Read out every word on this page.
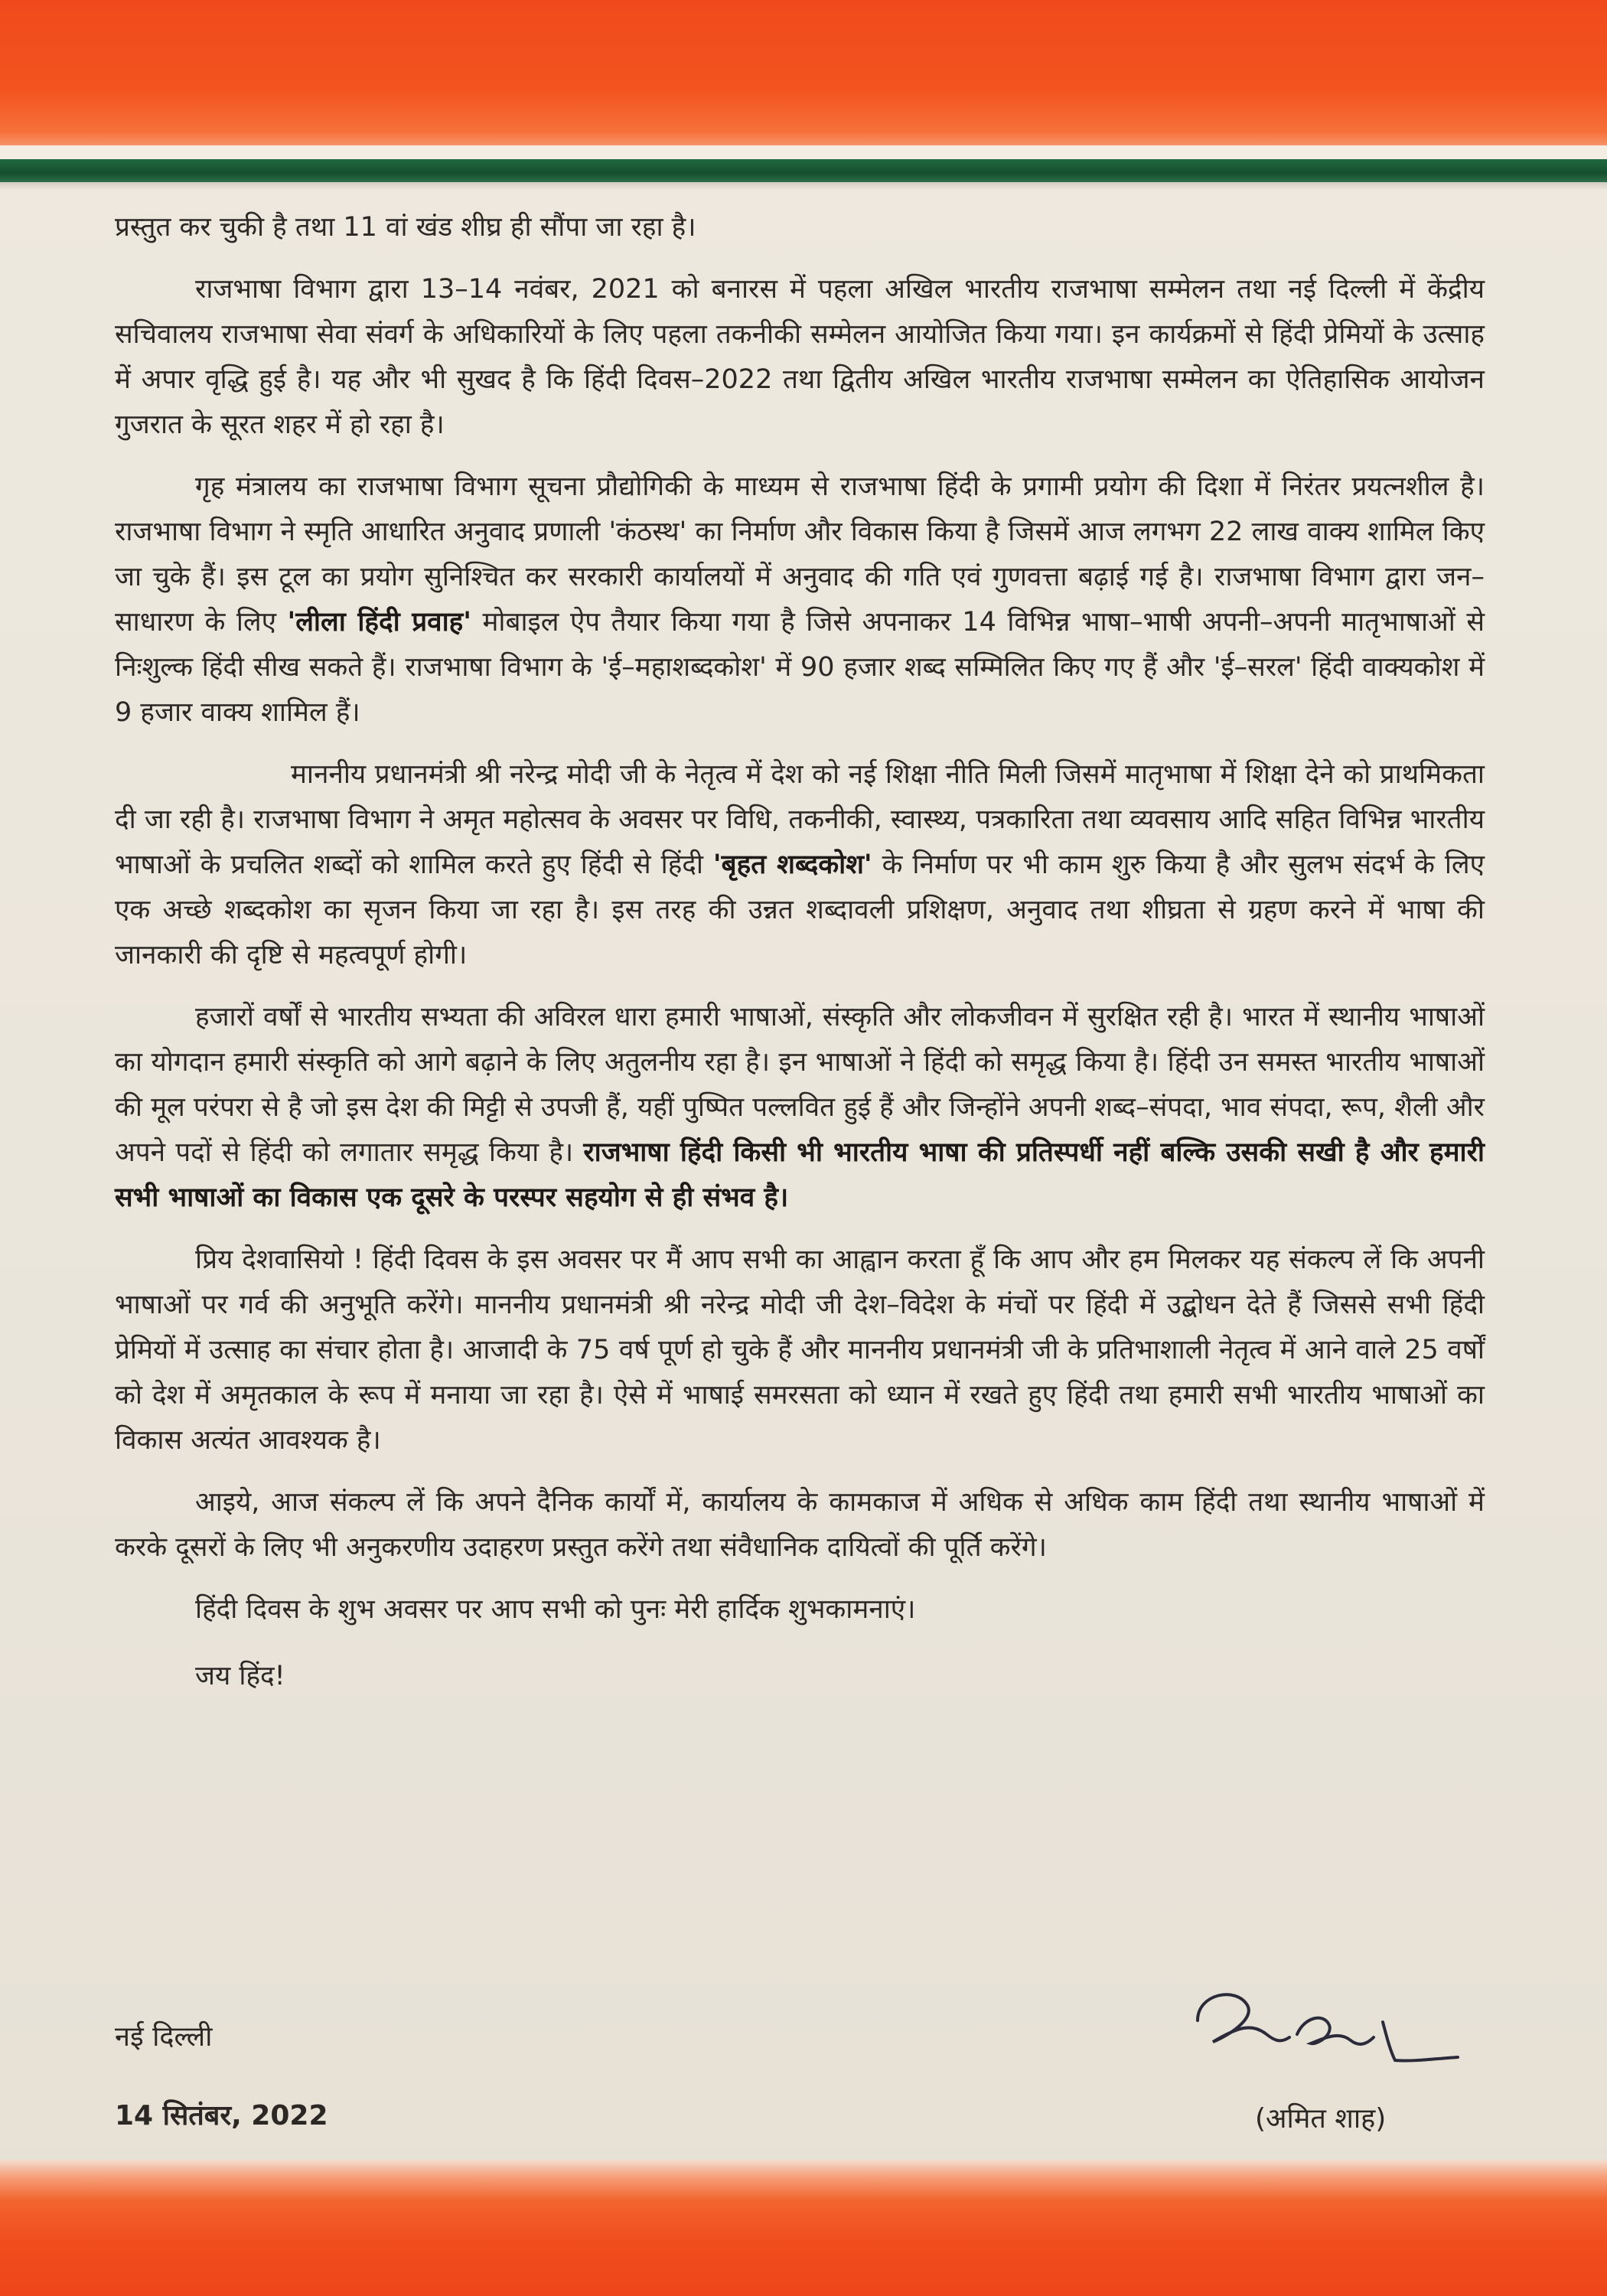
प्रस्तुत कर चुकी है तथा 11 वां खंड शीघ्र ही सौंपा जा रहा है।

राजभाषा विभाग द्वारा 13–14 नवंबर, 2021 को बनारस में पहला अखिल भारतीय राजभाषा सम्मेलन तथा नई दिल्ली में केंद्रीय सचिवालय राजभाषा सेवा संवर्ग के अधिकारियों के लिए पहला तकनीकी सम्मेलन आयोजित किया गया। इन कार्यक्रमों से हिंदी प्रेमियों के उत्साह में अपार वृद्धि हुई है। यह और भी सुखद है कि हिंदी दिवस–2022 तथा द्वितीय अखिल भारतीय राजभाषा सम्मेलन का ऐतिहासिक आयोजन गुजरात के सूरत शहर में हो रहा है।

गृह मंत्रालय का राजभाषा विभाग सूचना प्रौद्योगिकी के माध्यम से राजभाषा हिंदी के प्रगामी प्रयोग की दिशा में निरंतर प्रयत्नशील है। राजभाषा विभाग ने स्मृति आधारित अनुवाद प्रणाली 'कंठस्थ' का निर्माण और विकास किया है जिसमें आज लगभग 22 लाख वाक्य शामिल किए जा चुके हैं। इस टूल का प्रयोग सुनिश्चित कर सरकारी कार्यालयों में अनुवाद की गति एवं गुणवत्ता बढ़ाई गई है। राजभाषा विभाग द्वारा जन–साधारण के लिए 'लीला हिंदी प्रवाह' मोबाइल ऐप तैयार किया गया है जिसे अपनाकर 14 विभिन्न भाषा–भाषी अपनी–अपनी मातृभाषाओं से निःशुल्क हिंदी सीख सकते हैं। राजभाषा विभाग के 'ई–महाशब्दकोश' में 90 हजार शब्द सम्मिलित किए गए हैं और 'ई–सरल' हिंदी वाक्यकोश में 9 हजार वाक्य शामिल हैं।

माननीय प्रधानमंत्री श्री नरेन्द्र मोदी जी के नेतृत्व में देश को नई शिक्षा नीति मिली जिसमें मातृभाषा में शिक्षा देने को प्राथमिकता दी जा रही है। राजभाषा विभाग ने अमृत महोत्सव के अवसर पर विधि, तकनीकी, स्वास्थ्य, पत्रकारिता तथा व्यवसाय आदि सहित विभिन्न भारतीय भाषाओं के प्रचलित शब्दों को शामिल करते हुए हिंदी से हिंदी 'बृहत शब्दकोश' के निर्माण पर भी काम शुरु किया है और सुलभ संदर्भ के लिए एक अच्छे शब्दकोश का सृजन किया जा रहा है। इस तरह की उन्नत शब्दावली प्रशिक्षण, अनुवाद तथा शीघ्रता से ग्रहण करने में भाषा की जानकारी की दृष्टि से महत्वपूर्ण होगी।

हजारों वर्षों से भारतीय सभ्यता की अविरल धारा हमारी भाषाओं, संस्कृति और लोकजीवन में सुरक्षित रही है। भारत में स्थानीय भाषाओं का योगदान हमारी संस्कृति को आगे बढ़ाने के लिए अतुलनीय रहा है। इन भाषाओं ने हिंदी को समृद्ध किया है। हिंदी उन समस्त भारतीय भाषाओं की मूल परंपरा से है जो इस देश की मिट्टी से उपजी हैं, यहीं पुष्पित पल्लवित हुई हैं और जिन्होंने अपनी शब्द–संपदा, भाव संपदा, रूप, शैली और अपने पदों से हिंदी को लगातार समृद्ध किया है। राजभाषा हिंदी किसी भी भारतीय भाषा की प्रतिस्पर्धी नहीं बल्कि उसकी सखी है और हमारी सभी भाषाओं का विकास एक दूसरे के परस्पर सहयोग से ही संभव है।

प्रिय देशवासियो ! हिंदी दिवस के इस अवसर पर मैं आप सभी का आह्वान करता हूँ कि आप और हम मिलकर यह संकल्प लें कि अपनी भाषाओं पर गर्व की अनुभूति करेंगे। माननीय प्रधानमंत्री श्री नरेन्द्र मोदी जी देश–विदेश के मंचों पर हिंदी में उद्बोधन देते हैं जिससे सभी हिंदी प्रेमियों में उत्साह का संचार होता है। आजादी के 75 वर्ष पूर्ण हो चुके हैं और माननीय प्रधानमंत्री जी के प्रतिभाशाली नेतृत्व में आने वाले 25 वर्षों को देश में अमृतकाल के रूप में मनाया जा रहा है। ऐसे में भाषाई समरसता को ध्यान में रखते हुए हिंदी तथा हमारी सभी भारतीय भाषाओं का विकास अत्यंत आवश्यक है।

आइये, आज संकल्प लें कि अपने दैनिक कार्यों में, कार्यालय के कामकाज में अधिक से अधिक काम हिंदी तथा स्थानीय भाषाओं में करके दूसरों के लिए भी अनुकरणीय उदाहरण प्रस्तुत करेंगे तथा संवैधानिक दायित्वों की पूर्ति करेंगे।

हिंदी दिवस के शुभ अवसर पर आप सभी को पुनः मेरी हार्दिक शुभकामनाएं।

जय हिंद!

नई दिल्ली
14 सितंबर, 2022	(अमित शाह)
